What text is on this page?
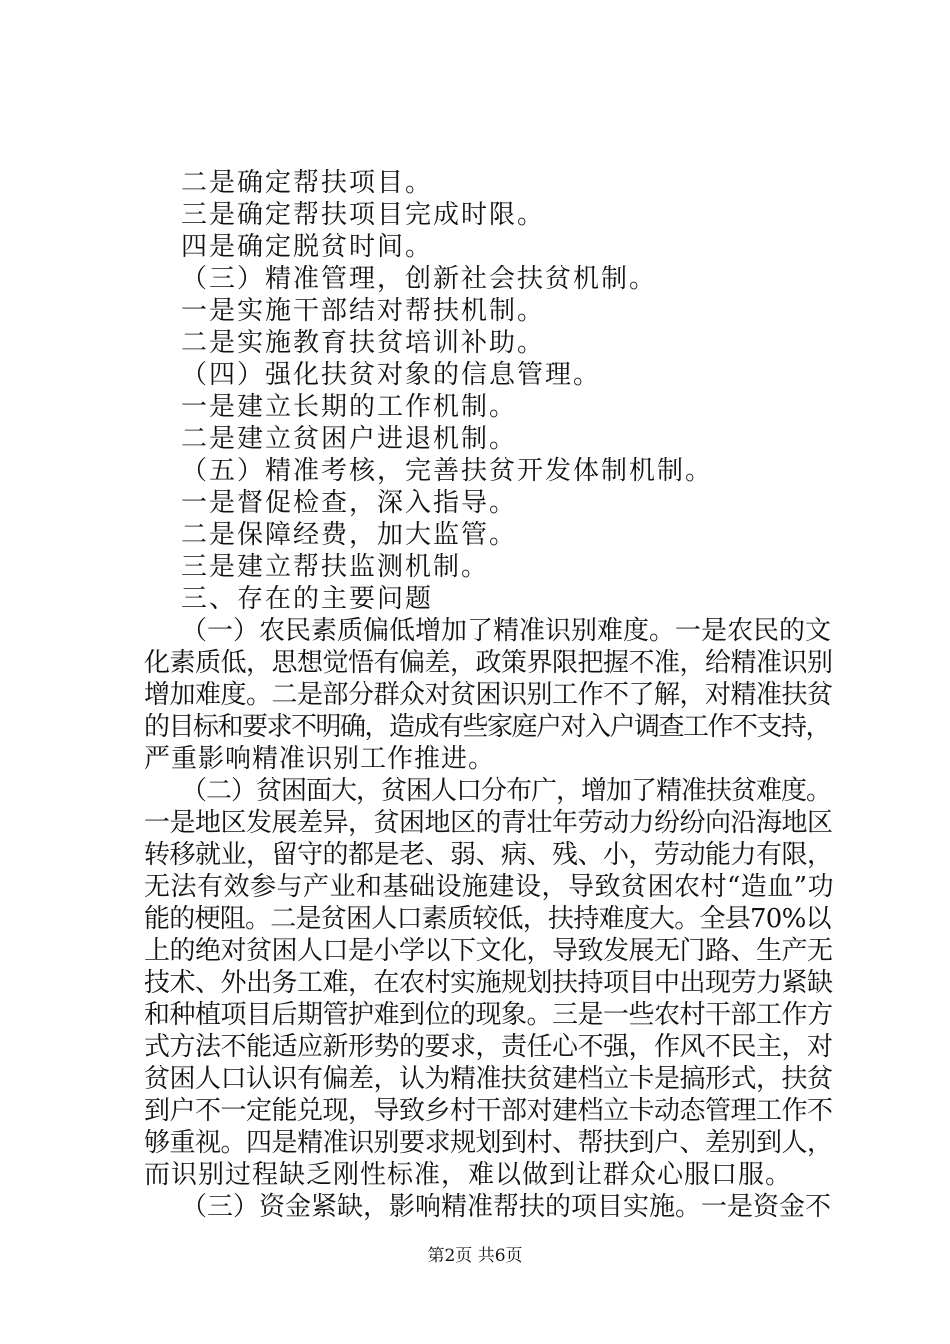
二是确定帮扶项目。
三是确定帮扶项目完成时限。
四是确定脱贫时间。
（三）精准管理，创新社会扶贫机制。
一是实施干部结对帮扶机制。
二是实施教育扶贫培训补助。
（四）强化扶贫对象的信息管理。
一是建立长期的工作机制。
二是建立贫困户进退机制。
（五）精准考核，完善扶贫开发体制机制。
一是督促检查，深入指导。
二是保障经费，加大监管。
三是建立帮扶监测机制。
三、存在的主要问题
（一）农民素质偏低增加了精准识别难度。一是农民的文
化素质低，思想觉悟有偏差，政策界限把握不准，给精准识别
增加难度。二是部分群众对贫困识别工作不了解，对精准扶贫
的目标和要求不明确，造成有些家庭户对入户调查工作不支持，
严重影响精准识别工作推进。
（二）贫困面大，贫困人口分布广，增加了精准扶贫难度。
一是地区发展差异，贫困地区的青壮年劳动力纷纷向沿海地区
转移就业，留守的都是老、弱、病、残、小，劳动能力有限，
无法有效参与产业和基础设施建设，导致贫困农村“造血”功
能的梗阻。二是贫困人口素质较低，扶持难度大。全县70%以
上的绝对贫困人口是小学以下文化，导致发展无门路、生产无
技术、外出务工难，在农村实施规划扶持项目中出现劳力紧缺
和种植项目后期管护难到位的现象。三是一些农村干部工作方
式方法不能适应新形势的要求，责任心不强，作风不民主，对
贫困人口认识有偏差，认为精准扶贫建档立卡是搞形式，扶贫
到户不一定能兑现，导致乡村干部对建档立卡动态管理工作不
够重视。四是精准识别要求规划到村、帮扶到户、差别到人，
而识别过程缺乏刚性标准，难以做到让群众心服口服。
（三）资金紧缺，影响精准帮扶的项目实施。一是资金不
第2页 共6页
